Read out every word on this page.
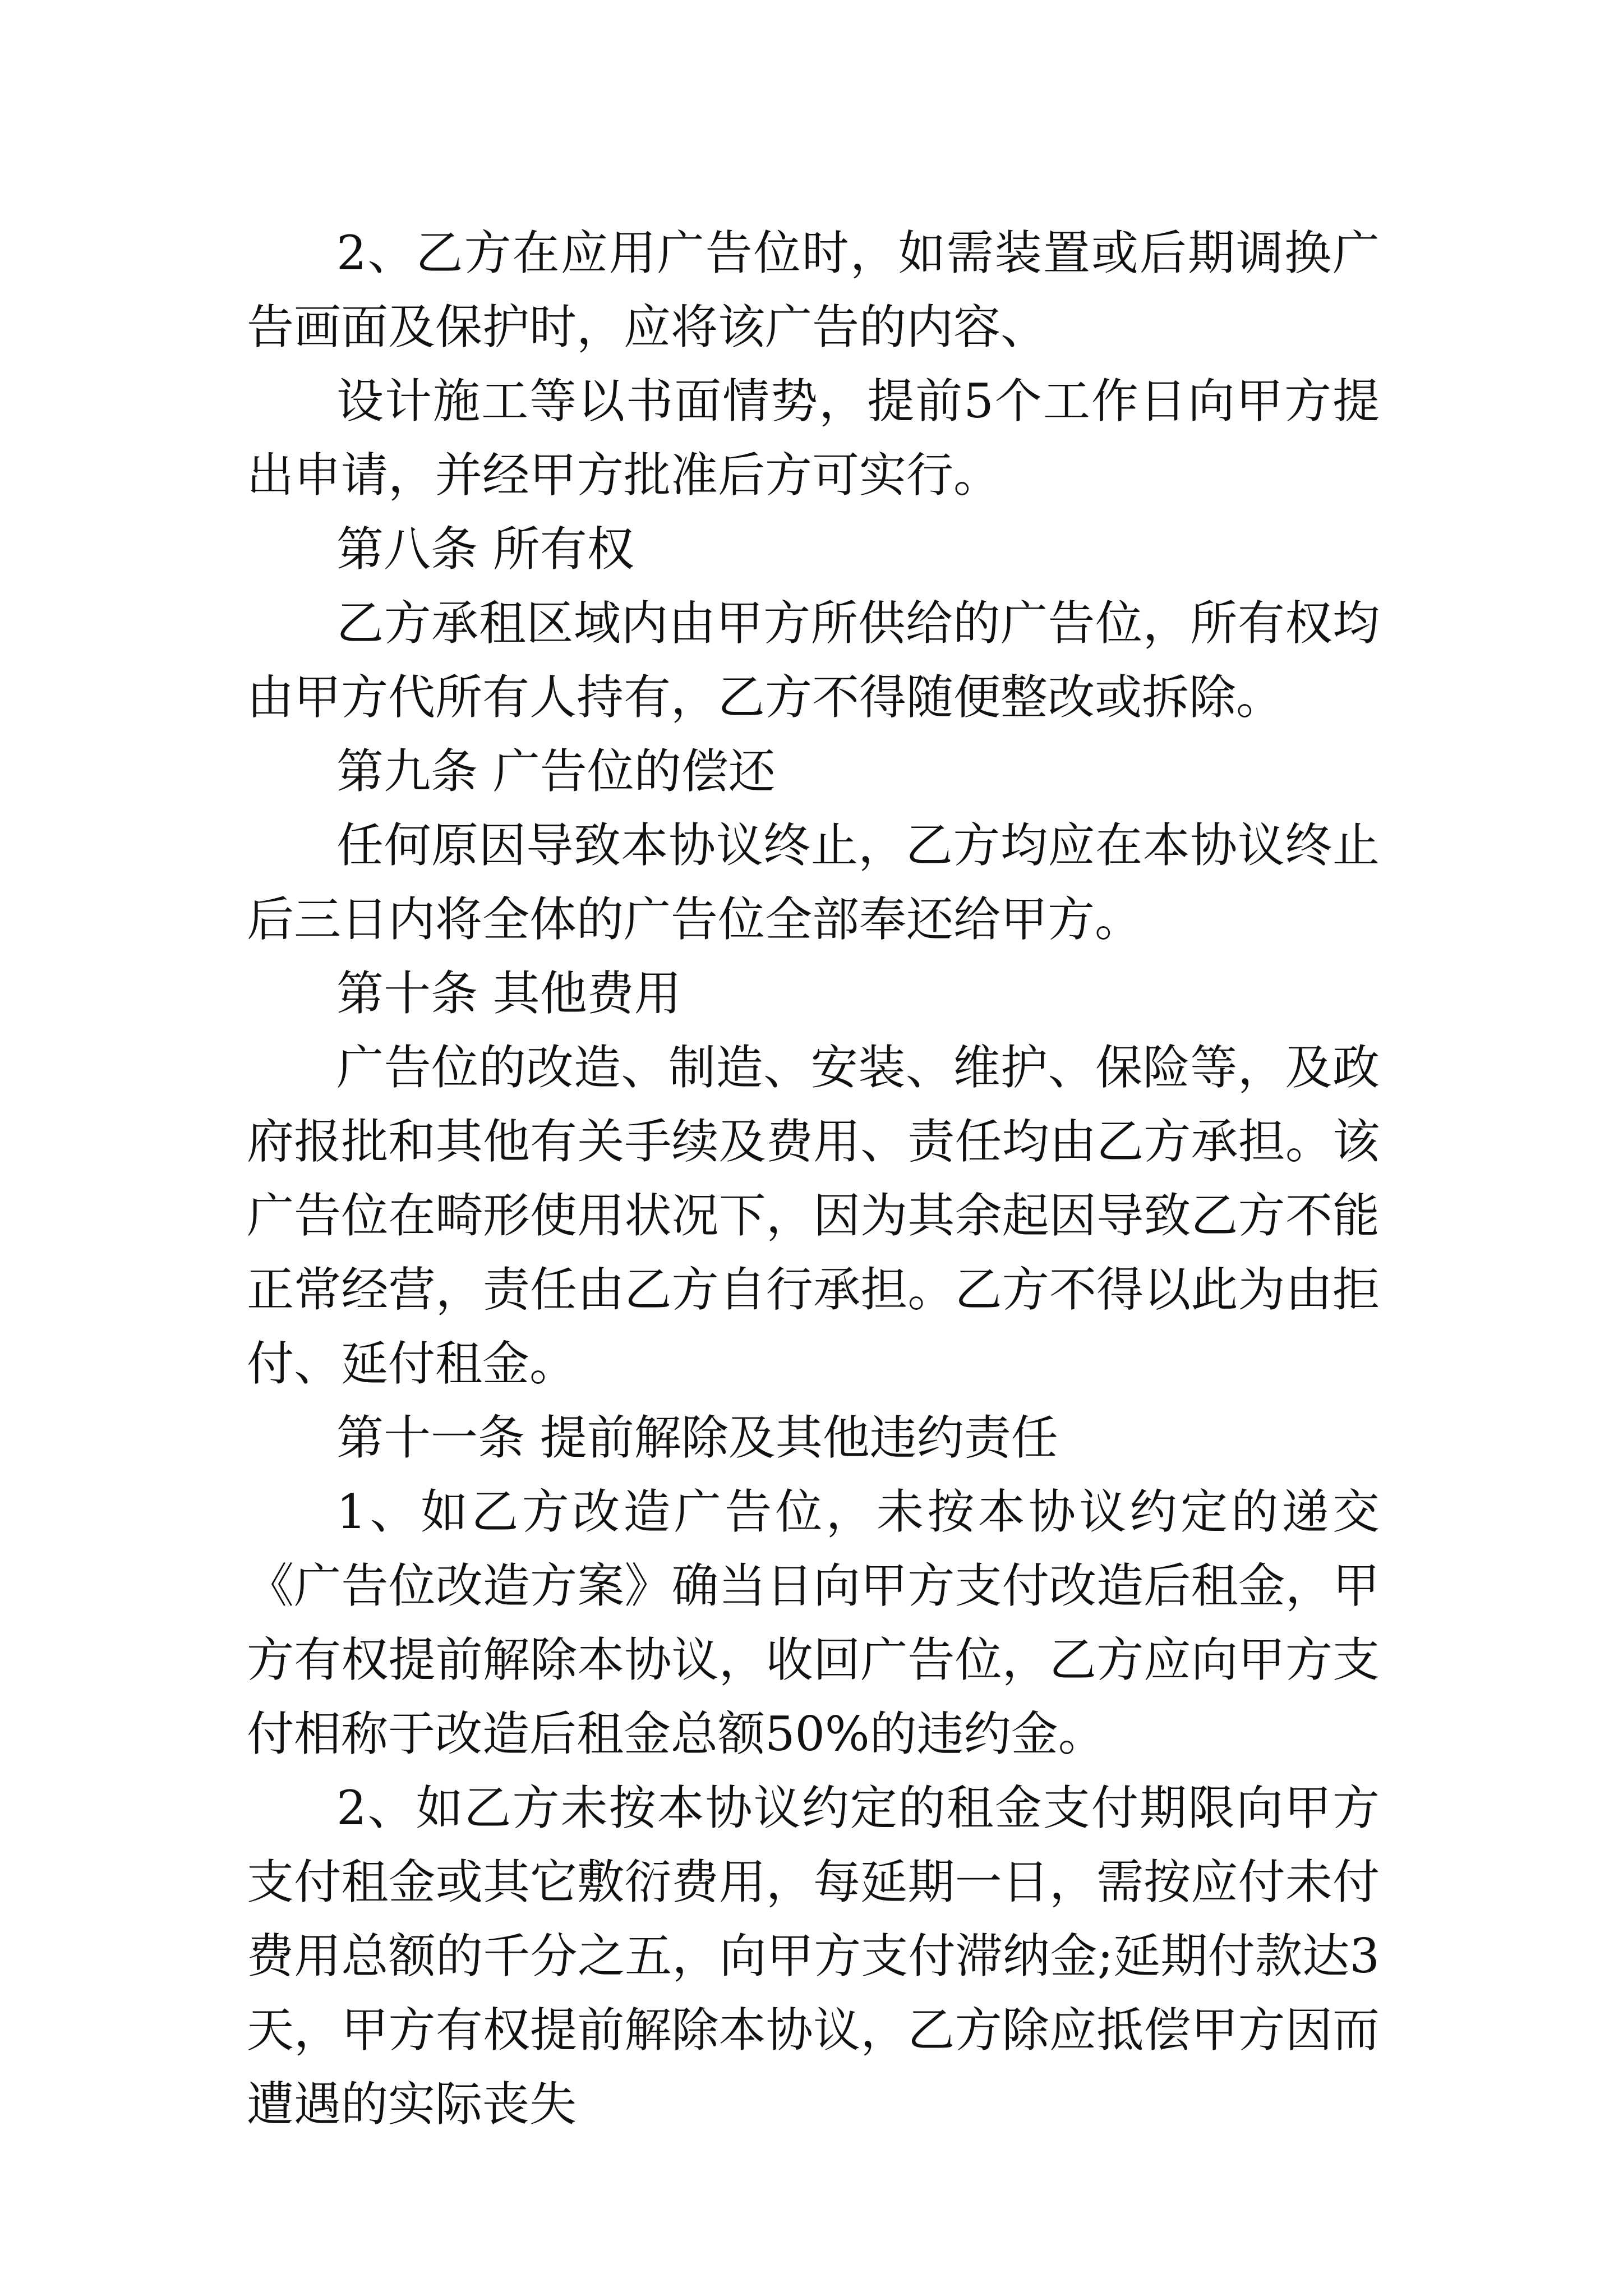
2、乙方在应用广告位时，如需装置或后期调换广告画面及保护时，应将该广告的内容、

设计施工等以书面情势，提前5个工作日向甲方提出申请，并经甲方批准后方可实行。

第八条 所有权

乙方承租区域内由甲方所供给的广告位，所有权均由甲方代所有人持有，乙方不得随便整改或拆除。

第九条 广告位的偿还

任何原因导致本协议终止，乙方均应在本协议终止后三日内将全体的广告位全部奉还给甲方。

第十条 其他费用

广告位的改造、制造、安装、维护、保险等，及政府报批和其他有关手续及费用、责任均由乙方承担。该广告位在畸形使用状况下，因为其余起因导致乙方不能正常经营，责任由乙方自行承担。乙方不得以此为由拒付、延付租金。

第十一条 提前解除及其他违约责任

1、如乙方改造广告位，未按本协议约定的递交《广告位改造方案》确当日向甲方支付改造后租金，甲方有权提前解除本协议，收回广告位，乙方应向甲方支付相称于改造后租金总额50%的违约金。

2、如乙方未按本协议约定的租金支付期限向甲方支付租金或其它敷衍费用，每延期一日，需按应付未付费用总额的千分之五，向甲方支付滞纳金;延期付款达3天，甲方有权提前解除本协议，乙方除应抵偿甲方因而遭遇的实际丧失
